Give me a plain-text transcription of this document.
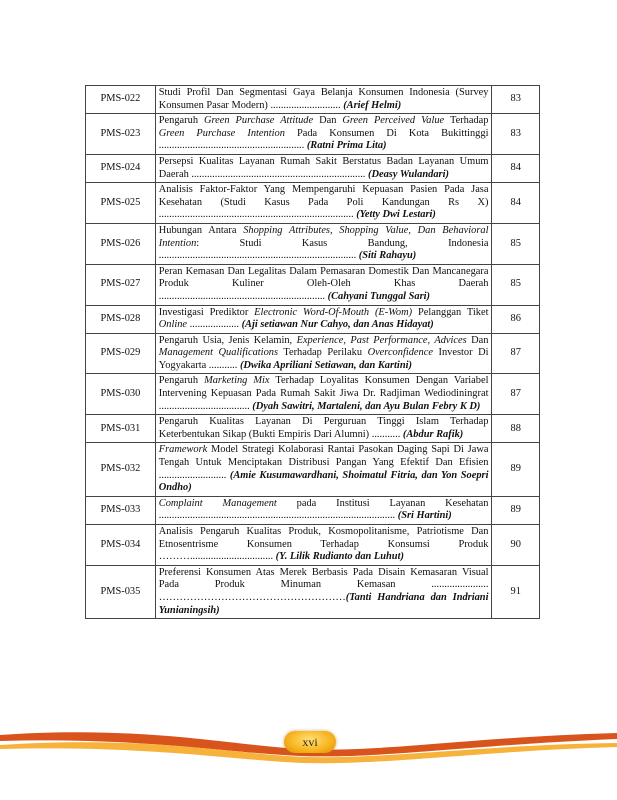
PMS-022	Studi Profil Dan Segmentasi Gaya Belanja Konsumen Indonesia (Survey Konsumen Pasar Modern) ........................... (Arief Helmi)	83
PMS-023	Pengaruh Green Purchase Attitude Dan Green Perceived Value Terhadap Green Purchase Intention Pada Konsumen Di Kota Bukittinggi ........................................................ (Ratni Prima Lita)	83
PMS-024	Persepsi Kualitas Layanan Rumah Sakit Berstatus Badan Layanan Umum Daerah ................................................................... (Deasy Wulandari)	84
PMS-025	Analisis Faktor-Faktor Yang Mempengaruhi Kepuasan Pasien Pada Jasa Kesehatan (Studi Kasus Pada Poli Kandungan Rs X) ........................................................................... (Yetty Dwi Lestari)	84
PMS-026	Hubungan Antara Shopping Attributes, Shopping Value, Dan Behavioral Intention: Studi Kasus Bandung, Indonesia ............................................................................ (Siti Rahayu)	85
PMS-027	Peran Kemasan Dan Legalitas Dalam Pemasaran Domestik Dan Mancanegara Produk Kuliner Oleh-Oleh Khas Daerah ................................................................ (Cahyani Tunggal Sari)	85
PMS-028	Investigasi Prediktor Electronic Word-Of-Mouth (E-Wom) Pelanggan Tiket Online ................... (Aji setiawan Nur Cahyo, dan Anas Hidayat)	86
PMS-029	Pengaruh Usia, Jenis Kelamin, Experience, Past Performance, Advices Dan Management Qualifications Terhadap Perilaku Overconfidence Investor Di Yogyakarta ........... (Dwika Apriliani Setiawan, dan Kartini)	87
PMS-030	Pengaruh Marketing Mix Terhadap Loyalitas Konsumen Dengan Variabel Intervening Kepuasan Pada Rumah Sakit Jiwa Dr. Radjiman Wediodiningrat ................................... (Dyah Sawitri, Martaleni, dan Ayu Bulan Febry K D)	87
PMS-031	Pengaruh Kualitas Layanan Di Perguruan Tinggi Islam Terhadap Keterbentukan Sikap (Bukti Empiris Dari Alumni) ........... (Abdur Rafik)	88
PMS-032	Framework Model Strategi Kolaborasi Rantai Pasokan Daging Sapi Di Jawa Tengah Untuk Menciptakan Distribusi Pangan Yang Efektif Dan Efisien .......................... (Amie Kusumawardhani, Shoimatul Fitria, dan Yon Soepri Ondho)	89
PMS-033	Complaint Management pada Institusi Layanan Kesehatan ........................................................................................... (Sri Hartini)	89
PMS-034	Analisis Pengaruh Kualitas Produk, Kosmopolitanisme, Patriotisme Dan Etnosentrisme Konsumen Terhadap Konsumsi Produk ………................................ (Y. Lilik Rudianto dan Luhut)	90
PMS-035	Preferensi Konsumen Atas Merek Berbasis Pada Disain Kemasaran Visual Pada Produk Minuman Kemasan ...................... ………………………………………………(Tanti Handriana dan Indriani Yunianingsih)	91
xvi
